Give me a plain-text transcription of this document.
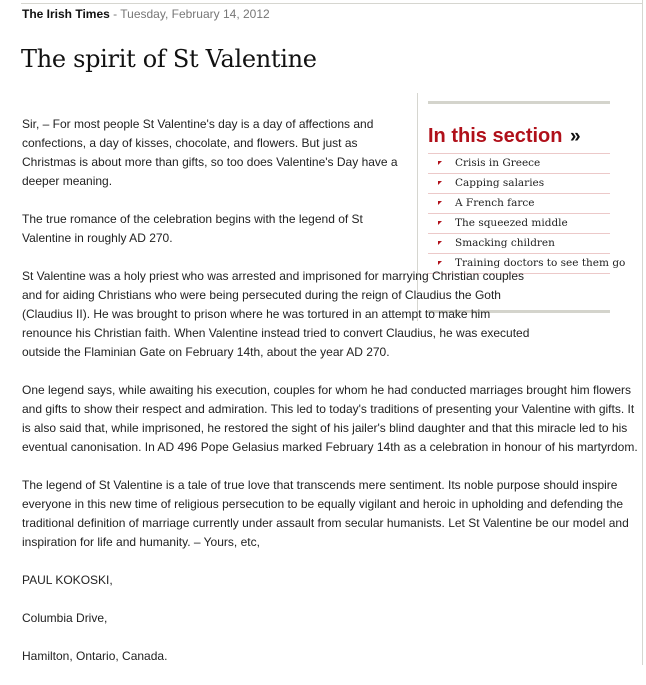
The Irish Times - Tuesday, February 14, 2012
The spirit of St Valentine
In this section »
Crisis in Greece
Capping salaries
A French farce
The squeezed middle
Smacking children
Training doctors to see them go

Sir, – For most people St Valentine's day is a day of affections and confections, a day of kisses, chocolate, and flowers. But just as Christmas is about more than gifts, so too does Valentine's Day have a deeper meaning.

The true romance of the celebration begins with the legend of St Valentine in roughly AD 270.

St Valentine was a holy priest who was arrested and imprisoned for marrying Christian couples and for aiding Christians who were being persecuted during the reign of Claudius the Goth (Claudius II). He was brought to prison where he was tortured in an attempt to make him renounce his Christian faith. When Valentine instead tried to convert Claudius, he was executed outside the Flaminian Gate on February 14th, about the year AD 270.

One legend says, while awaiting his execution, couples for whom he had conducted marriages brought him flowers and gifts to show their respect and admiration. This led to today's traditions of presenting your Valentine with gifts. It is also said that, while imprisoned, he restored the sight of his jailer's blind daughter and that this miracle led to his eventual canonisation. In AD 496 Pope Gelasius marked February 14th as a celebration in honour of his martyrdom.

The legend of St Valentine is a tale of true love that transcends mere sentiment. Its noble purpose should inspire everyone in this new time of religious persecution to be equally vigilant and heroic in upholding and defending the traditional definition of marriage currently under assault from secular humanists. Let St Valentine be our model and inspiration for life and humanity. – Yours, etc,

PAUL KOKOSKI,

Columbia Drive,

Hamilton, Ontario, Canada.
